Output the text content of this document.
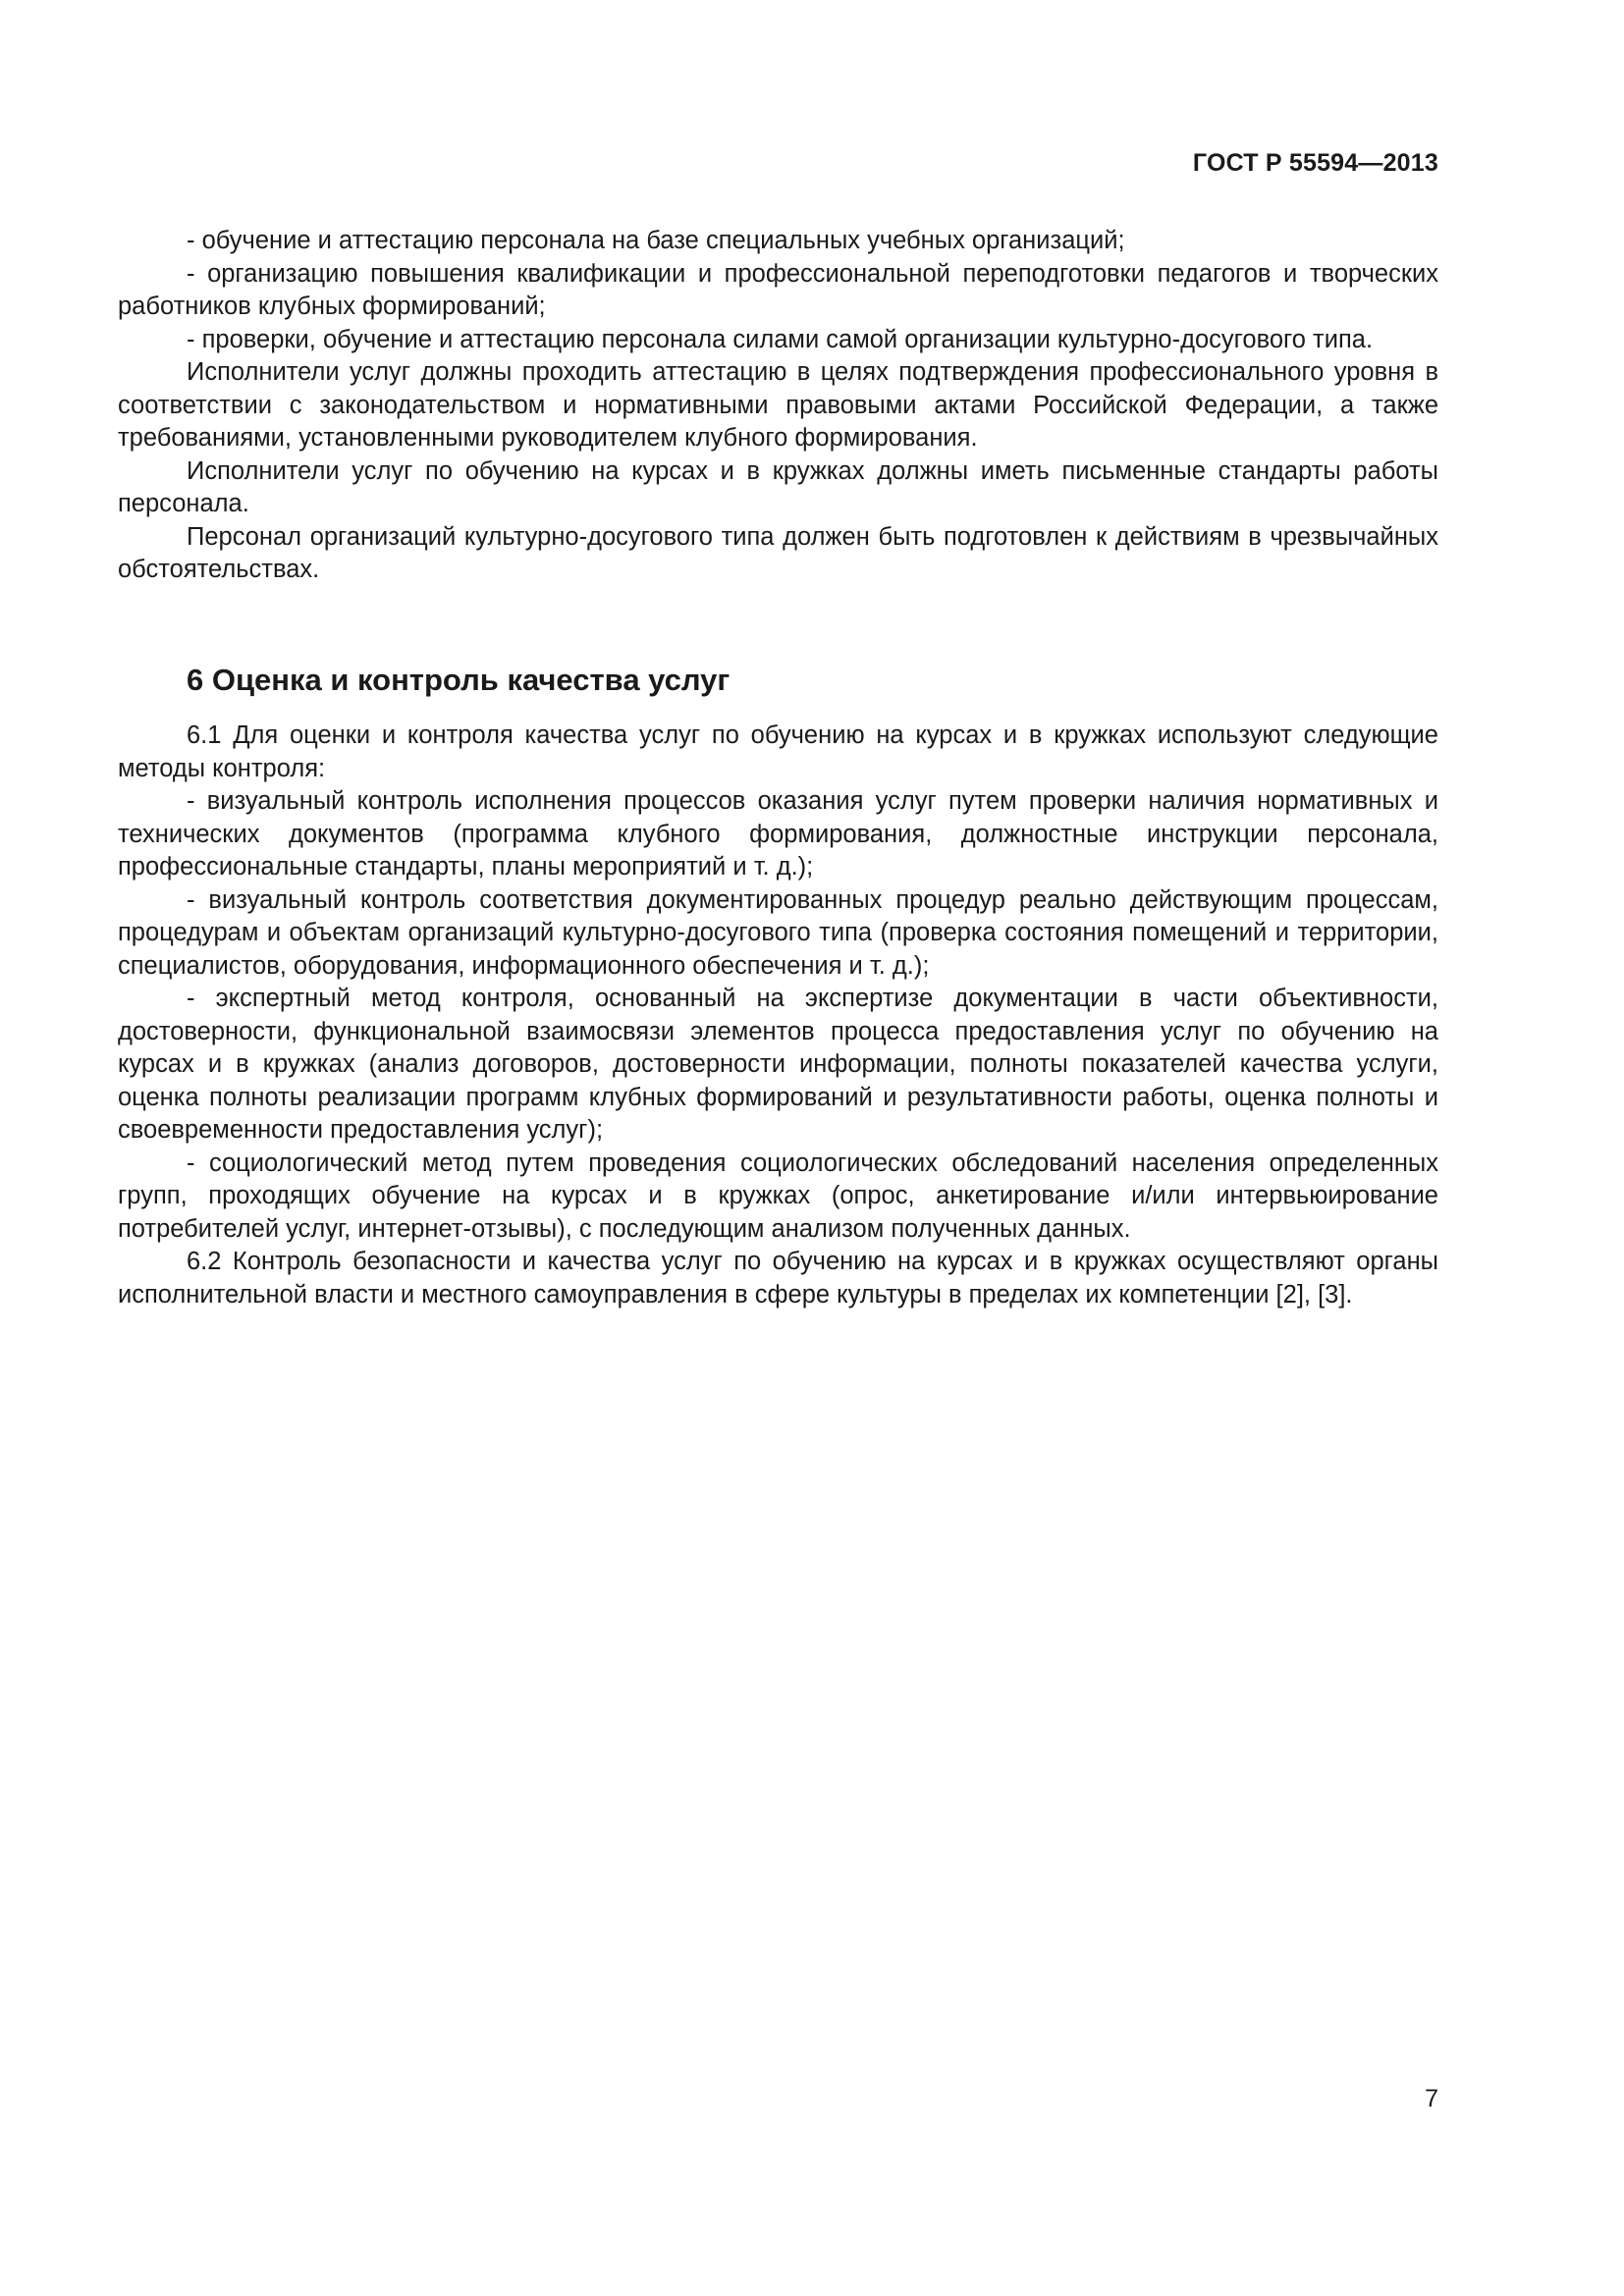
ГОСТ Р 55594—2013

- обучение и аттестацию персонала на базе специальных учебных организаций;

- организацию повышения квалификации и профессиональной переподготовки педагогов и творческих работников клубных формирований;

- проверки, обучение и аттестацию персонала силами самой организации культурно-досугового типа.

Исполнители услуг должны проходить аттестацию в целях подтверждения профессионального уровня в соответствии с законодательством и нормативными правовыми актами Российской Федерации, а также требованиями, установленными руководителем клубного формирования.

Исполнители услуг по обучению на курсах и в кружках должны иметь письменные стандарты работы персонала.

Персонал организаций культурно-досугового типа должен быть подготовлен к действиям в чрезвычайных обстоятельствах.

6 Оценка и контроль качества услуг

6.1 Для оценки и контроля качества услуг по обучению на курсах и в кружках используют следующие методы контроля:

- визуальный контроль исполнения процессов оказания услуг путем проверки наличия нормативных и технических документов (программа клубного формирования, должностные инструкции персонала, профессиональные стандарты, планы мероприятий и т. д.);

- визуальный контроль соответствия документированных процедур реально действующим процессам, процедурам и объектам организаций культурно-досугового типа (проверка состояния помещений и территории, специалистов, оборудования, информационного обеспечения и т. д.);

- экспертный метод контроля, основанный на экспертизе документации в части объективности, достоверности, функциональной взаимосвязи элементов процесса предоставления услуг по обучению на курсах и в кружках (анализ договоров, достоверности информации, полноты показателей качества услуги, оценка полноты реализации программ клубных формирований и результативности работы, оценка полноты и своевременности предоставления услуг);

- социологический метод путем проведения социологических обследований населения определенных групп, проходящих обучение на курсах и в кружках (опрос, анкетирование и/или интервьюирование потребителей услуг, интернет-отзывы), с последующим анализом полученных данных.

6.2 Контроль безопасности и качества услуг по обучению на курсах и в кружках осуществляют органы исполнительной власти и местного самоуправления в сфере культуры в пределах их компетенции [2], [3].

7
